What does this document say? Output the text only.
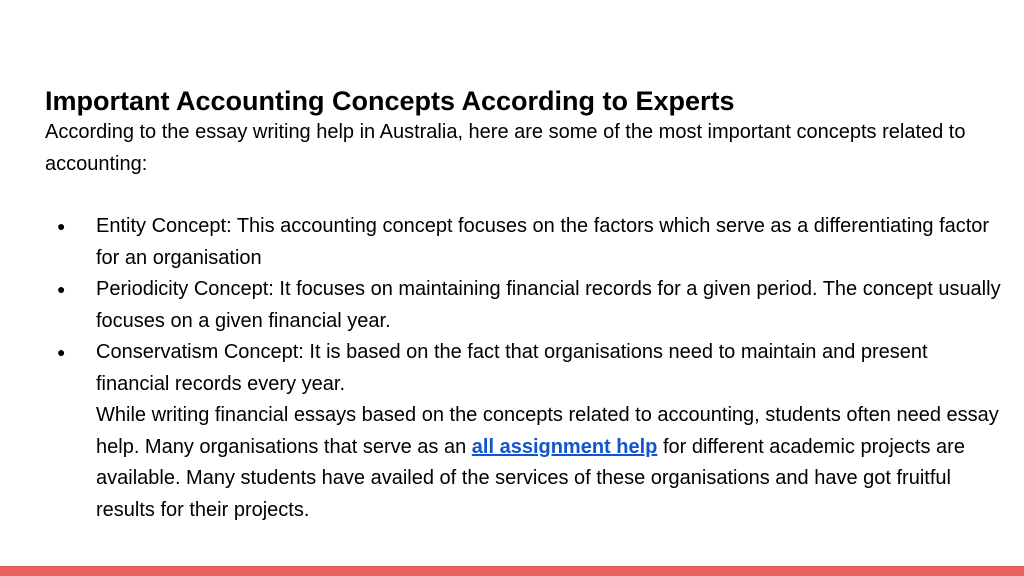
Important Accounting Concepts According to Experts

According to the essay writing help in Australia, here are some of the most important concepts related to accounting:

● Entity Concept: This accounting concept focuses on the factors which serve as a differentiating factor for an organisation
● Periodicity Concept: It focuses on maintaining financial records for a given period. The concept usually focuses on a given financial year.
● Conservatism Concept: It is based on the fact that organisations need to maintain and present financial records every year.
While writing financial essays based on the concepts related to accounting, students often need essay help. Many organisations that serve as an all assignment help for different academic projects are available. Many students have availed of the services of these organisations and have got fruitful results for their projects.
